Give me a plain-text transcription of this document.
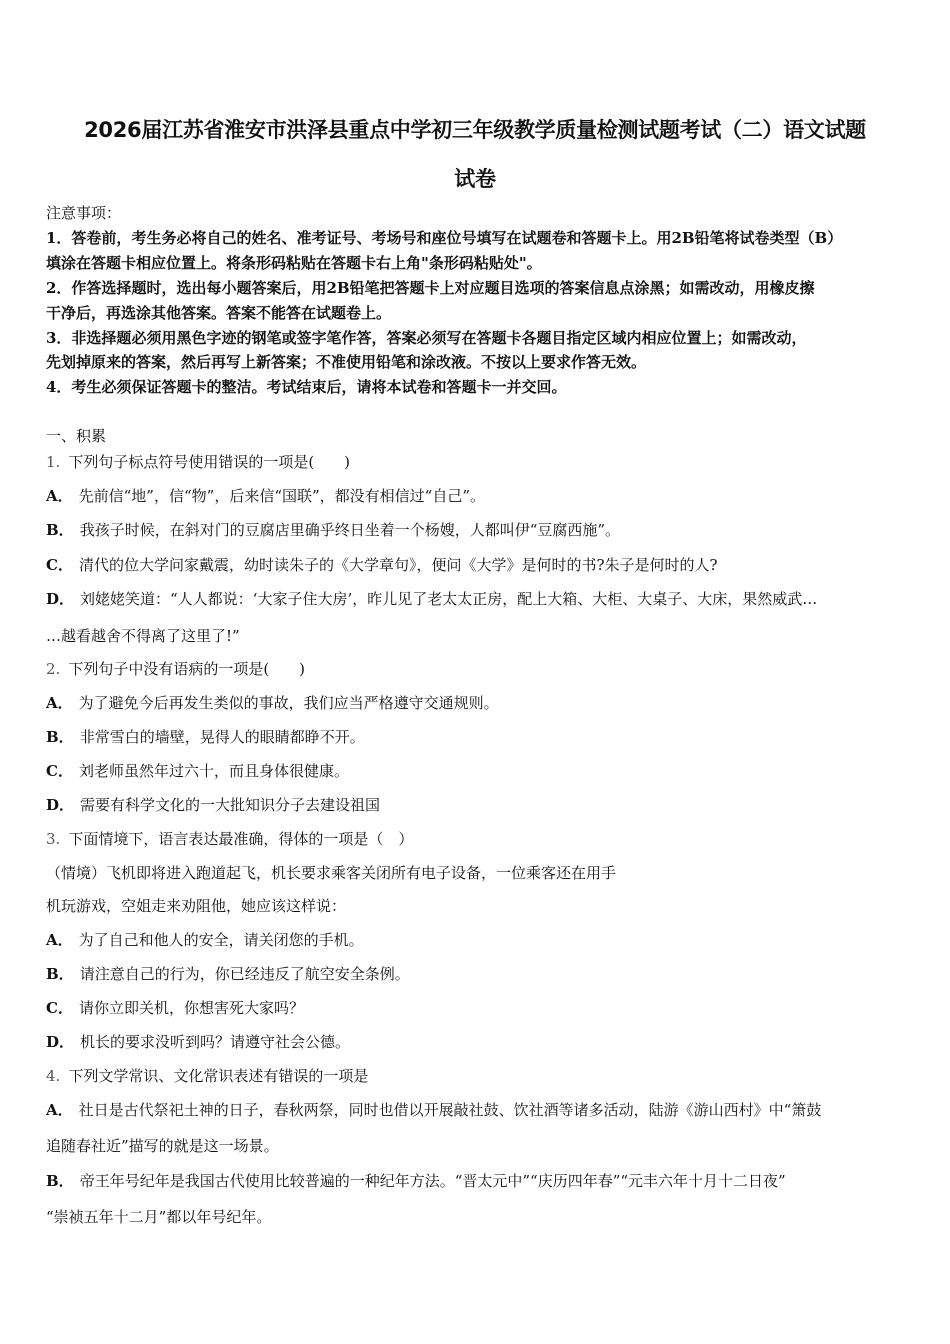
2026届江苏省淮安市洪泽县重点中学初三年级教学质量检测试题考试（二）语文试题
试卷
注意事项：
1．答卷前，考生务必将自己的姓名、准考证号、考场号和座位号填写在试题卷和答题卡上。用2B铅笔将试卷类型（B）
填涂在答题卡相应位置上。将条形码粘贴在答题卡右上角"条形码粘贴处"。
2．作答选择题时，选出每小题答案后，用2B铅笔把答题卡上对应题目选项的答案信息点涂黑；如需改动，用橡皮擦
干净后，再选涂其他答案。答案不能答在试题卷上。
3．非选择题必须用黑色字迹的钢笔或签字笔作答，答案必须写在答题卡各题目指定区域内相应位置上；如需改动，
先划掉原来的答案，然后再写上新答案；不准使用铅笔和涂改液。不按以上要求作答无效。
4．考生必须保证答题卡的整洁。考试结束后，请将本试卷和答题卡一并交回。
一、积累
1. 下列句子标点符号使用错误的一项是(　　)
A． 先前信“地”，信“物”，后来信“国联”，都没有相信过“自己”。
B． 我孩子时候，在斜对门的豆腐店里确乎终日坐着一个杨嫂，人都叫伊“豆腐西施”。
C． 清代的位大学问家戴震，幼时读朱子的《大学章句》，便问《大学》是何时的书?朱子是何时的人?
D． 刘姥姥笑道：“人人都说：‘大家子住大房’，昨儿见了老太太正房，配上大箱、大柜、大桌子、大床，果然威武…
…越看越舍不得离了这里了!”
2. 下列句子中没有语病的一项是(　　)
A． 为了避免今后再发生类似的事故，我们应当严格遵守交通规则。
B． 非常雪白的墙壁，晃得人的眼睛都睁不开。
C． 刘老师虽然年过六十，而且身体很健康。
D． 需要有科学文化的一大批知识分子去建设祖国
3. 下面情境下，语言表达最准确，得体的一项是（　）
（情境）飞机即将进入跑道起飞，机长要求乘客关闭所有电子设备，一位乘客还在用手
机玩游戏，空姐走来劝阻他，她应该这样说：
A． 为了自己和他人的安全，请关闭您的手机。
B． 请注意自己的行为，你已经违反了航空安全条例。
C． 请你立即关机，你想害死大家吗？
D． 机长的要求没听到吗？请遵守社会公德。
4. 下列文学常识、文化常识表述有错误的一项是
A． 社日是古代祭祀土神的日子，春秋两祭，同时也借以开展敲社鼓、饮社酒等诸多活动，陆游《游山西村》中“箫鼓
追随春社近”描写的就是这一场景。
B． 帝王年号纪年是我国古代使用比较普遍的一种纪年方法。“晋太元中”“庆历四年春”“元丰六年十月十二日夜”
“崇祯五年十二月”都以年号纪年。
